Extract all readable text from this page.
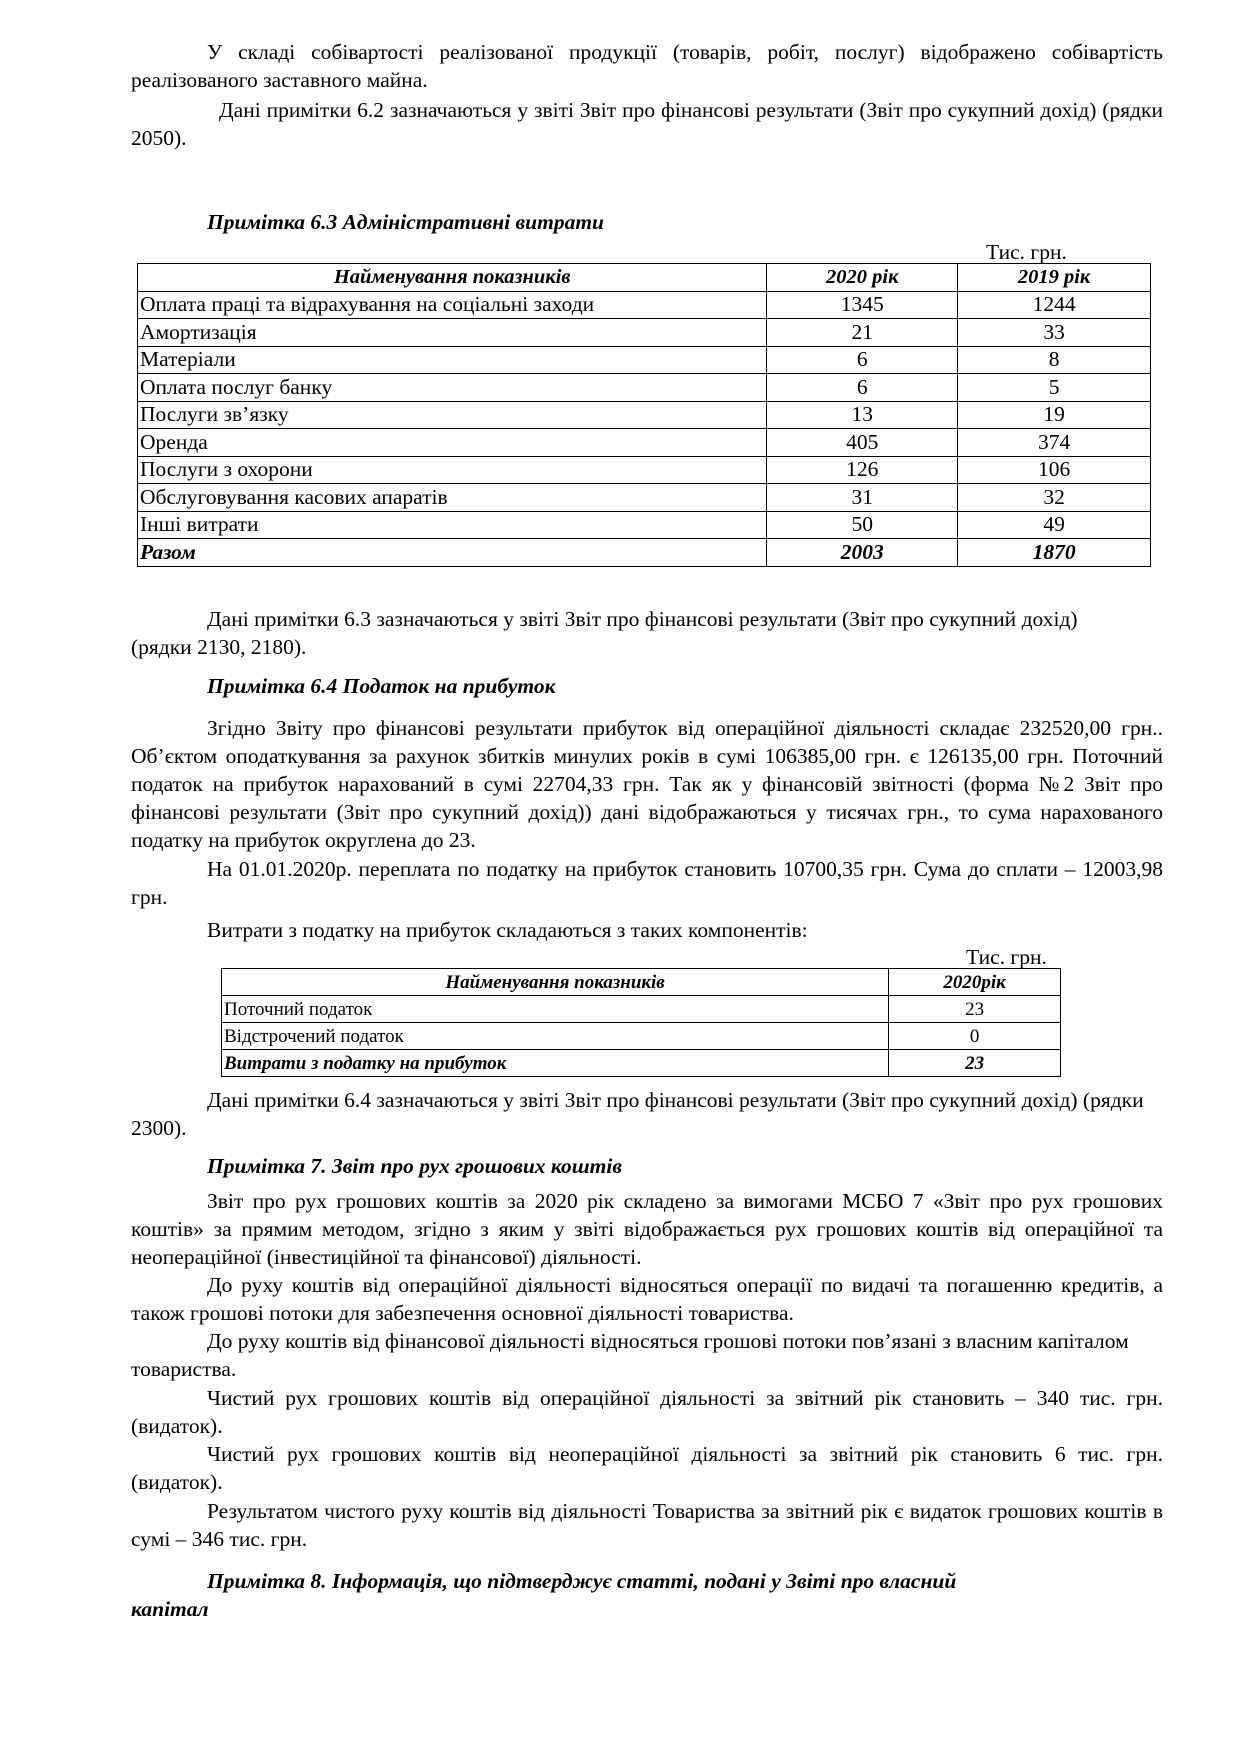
У складі собівартості реалізованої продукції (товарів, робіт, послуг) відображено собівартість реалізованого заставного майна.

Дані примітки 6.2 зазначаються у звіті Звіт про фінансові результати (Звіт про сукупний дохід) (рядки 2050).

Примітка 6.3 Адміністративні витрати
Тис. грн.
Найменування показників	2020 рік	2019 рік
Оплата праці та відрахування на соціальні заходи	1345	1244
Амортизація	21	33
Матеріали	6	8
Оплата послуг банку	6	5
Послуги зв’язку	13	19
Оренда	405	374
Послуги з охорони	126	106
Обслуговування касових апаратів	31	32
Інші витрати	50	49
Разом	2003	1870

Дані примітки 6.3 зазначаються у звіті Звіт про фінансові результати (Звіт про сукупний дохід) (рядки 2130, 2180).

Примітка 6.4 Податок на прибуток

Згідно Звіту про фінансові результати прибуток від операційної діяльності складає 232520,00 грн.. Об’єктом оподаткування за рахунок збитків минулих років в сумі 106385,00 грн. є 126135,00 грн. Поточний податок на прибуток нарахований в сумі 22704,33 грн. Так як у фінансовій звітності (форма №2 Звіт про фінансові результати (Звіт про сукупний дохід)) дані відображаються у тисячах грн., то сума нарахованого податку на прибуток округлена до 23.

На 01.01.2020р. переплата по податку на прибуток становить 10700,35 грн. Сума до сплати – 12003,98 грн.

Витрати з податку на прибуток складаються з таких компонентів:

Тис. грн.
Найменування показників	2020рік
Поточний податок	23
Відстрочений податок	0
Витрати з податку на прибуток	23

Дані примітки 6.4 зазначаються у звіті Звіт про фінансові результати (Звіт про сукупний дохід) (рядки 2300).

Примітка 7. Звіт про рух грошових коштів

Звіт про рух грошових коштів за 2020 рік складено за вимогами МСБО 7 «Звіт про рух грошових коштів» за прямим методом, згідно з яким у звіті відображається рух грошових коштів від операційної та неопераційної (інвестиційної та фінансової) діяльності.

До руху коштів від операційної діяльності відносяться операції по видачі та погашенню кредитів, а також грошові потоки для забезпечення основної діяльності товариства.

До руху коштів від фінансової діяльності відносяться грошові потоки пов’язані з власним капіталом товариства.

Чистий рух грошових коштів від операційної діяльності за звітний рік становить – 340 тис. грн. (видаток).

Чистий рух грошових коштів від неопераційної діяльності за звітний рік становить 6 тис. грн. (видаток).

Результатом чистого руху коштів від діяльності Товариства за звітний рік є видаток грошових коштів в сумі – 346 тис. грн.

Примітка 8. Інформація, що підтверджує статті, подані у Звіті про власний
капітал
